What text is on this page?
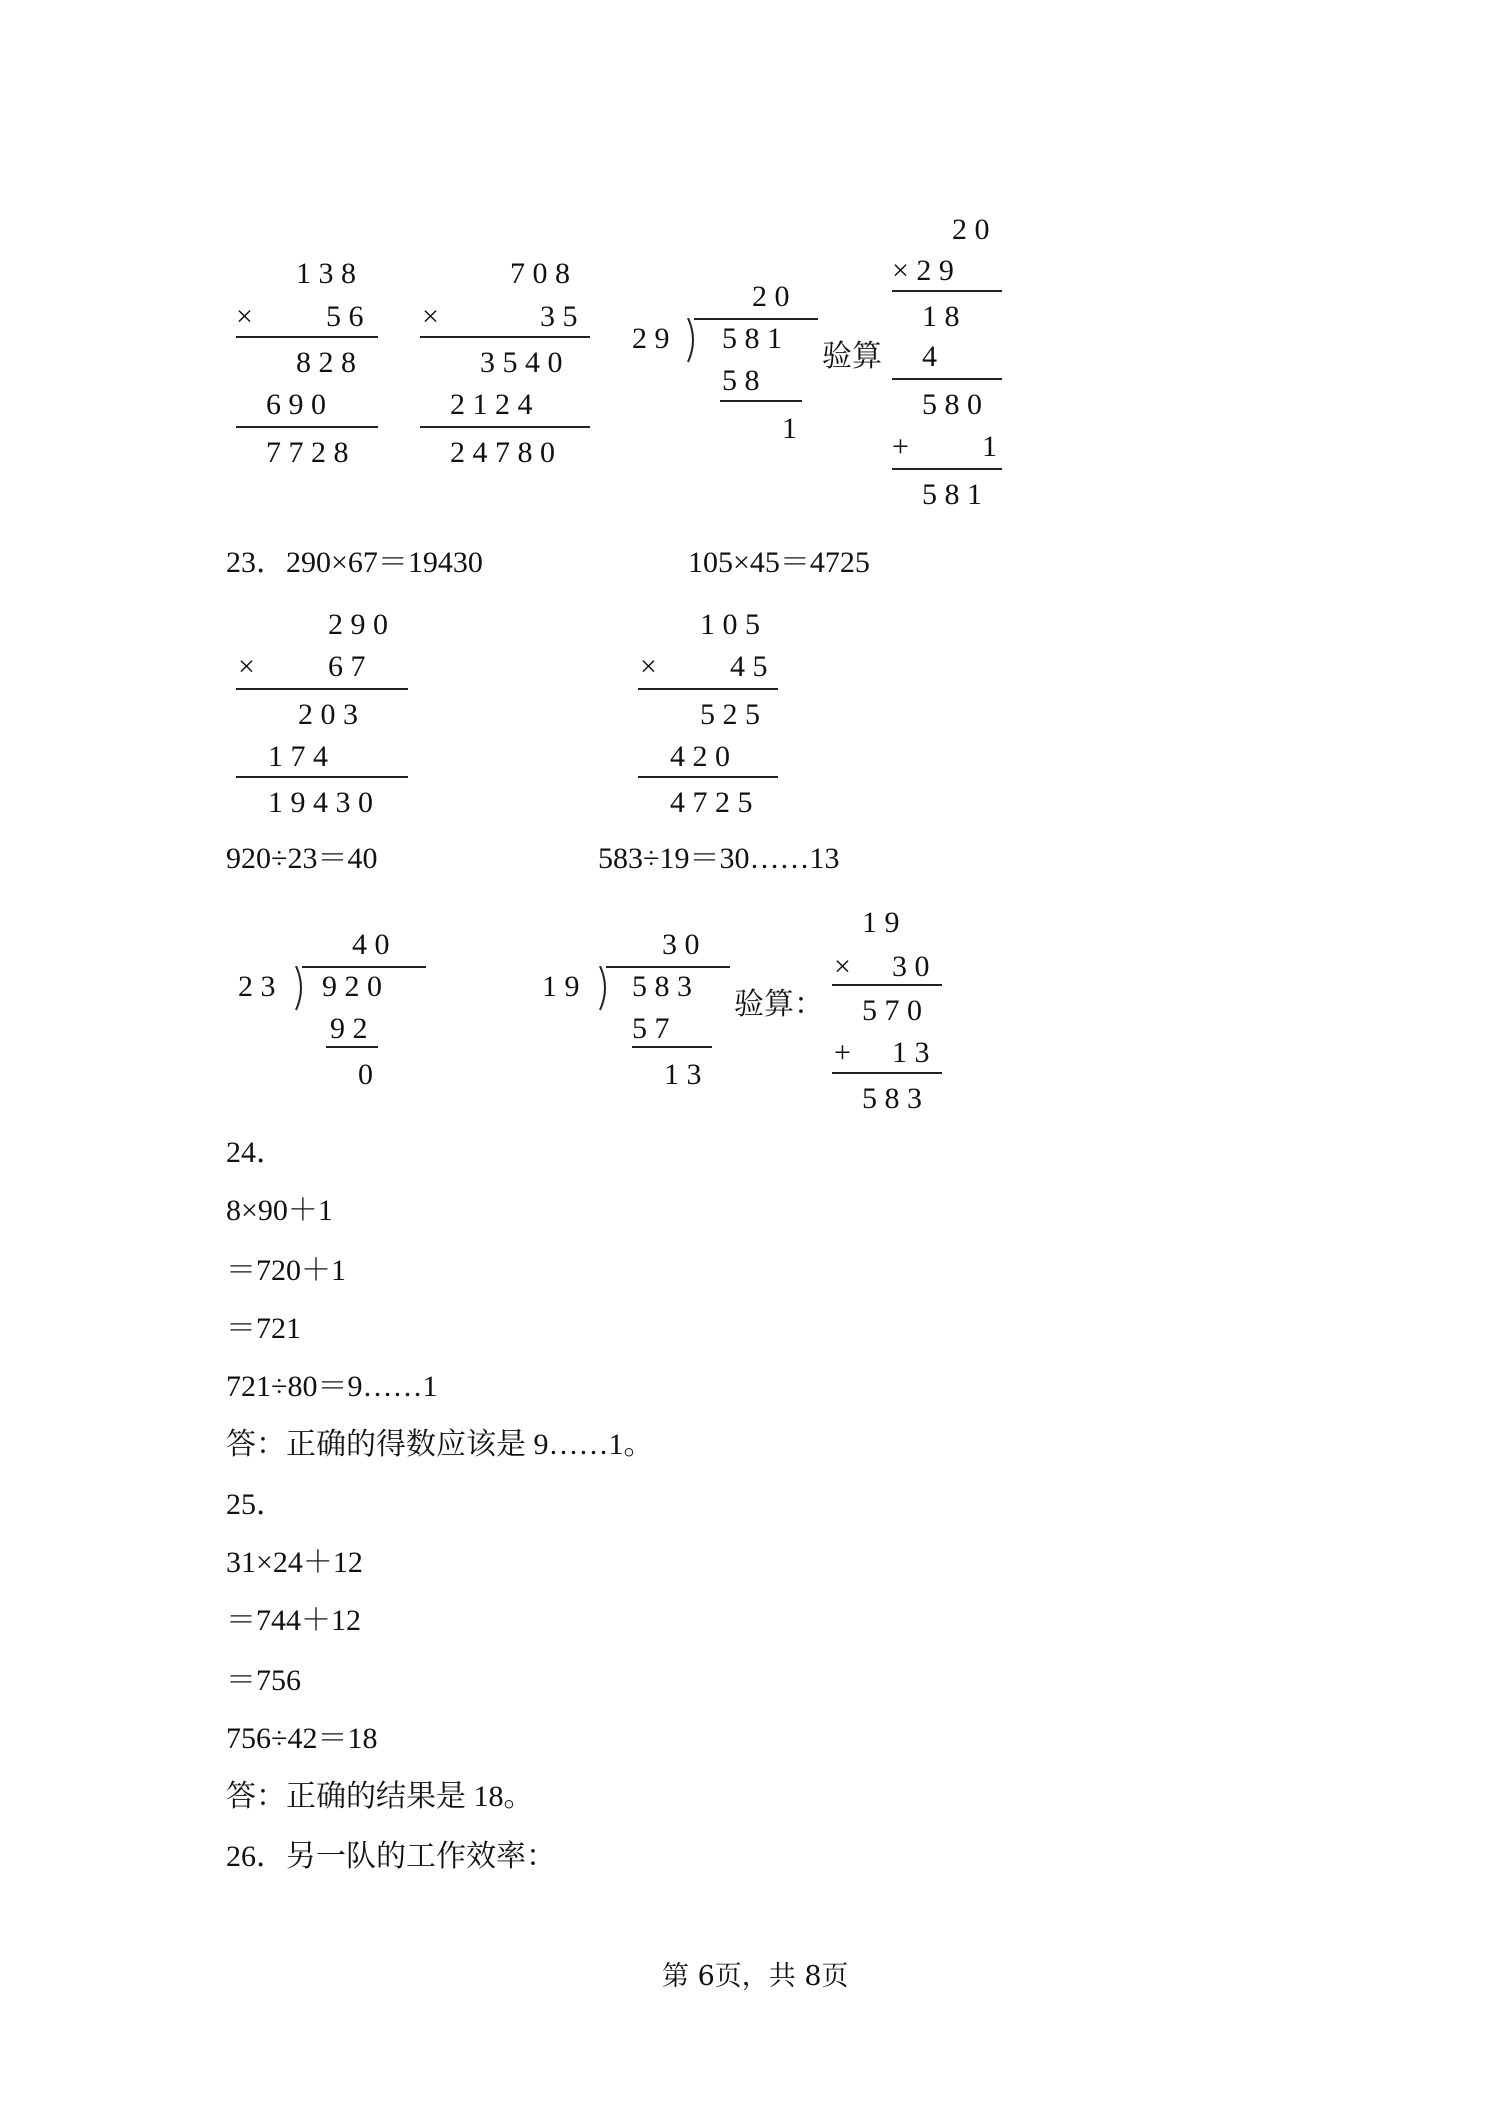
1 3 8
× 5 6
8 2 8
6 9 0
7 7 2 8
7 0 8
×	3 5
3 5 4 0
2 1 2 4
2 4 7 8 0
2 0
2 9 5 8 1
5 8
1
验算
2 0
× 2 9
1 8
4
5 8 0
+ 1
5 8 1
23．290×67＝19430	105×45＝4725
2 9 0
× 6 7
2 0 3
1 7 4
1 9 4 3 0
1 0 5
× 4 5
5 2 5
4 2 0
4 7 2 5
920÷23＝40	583÷19＝30……13
4 0
2 3 9 2 0
9 2
0
3 0
1 9 5 8 3
5 7
1 3
验算：
1 9
× 3 0
5 7 0
+ 1 3
5 8 3
24．
8×90＋1
＝720＋1
＝721
721÷80＝9……1
答：正确的得数应该是 9……1。
25．
31×24＋12
＝744＋12
＝756
756÷42＝18
答：正确的结果是 18。
26．另一队的工作效率：
第 6页，共 8页
